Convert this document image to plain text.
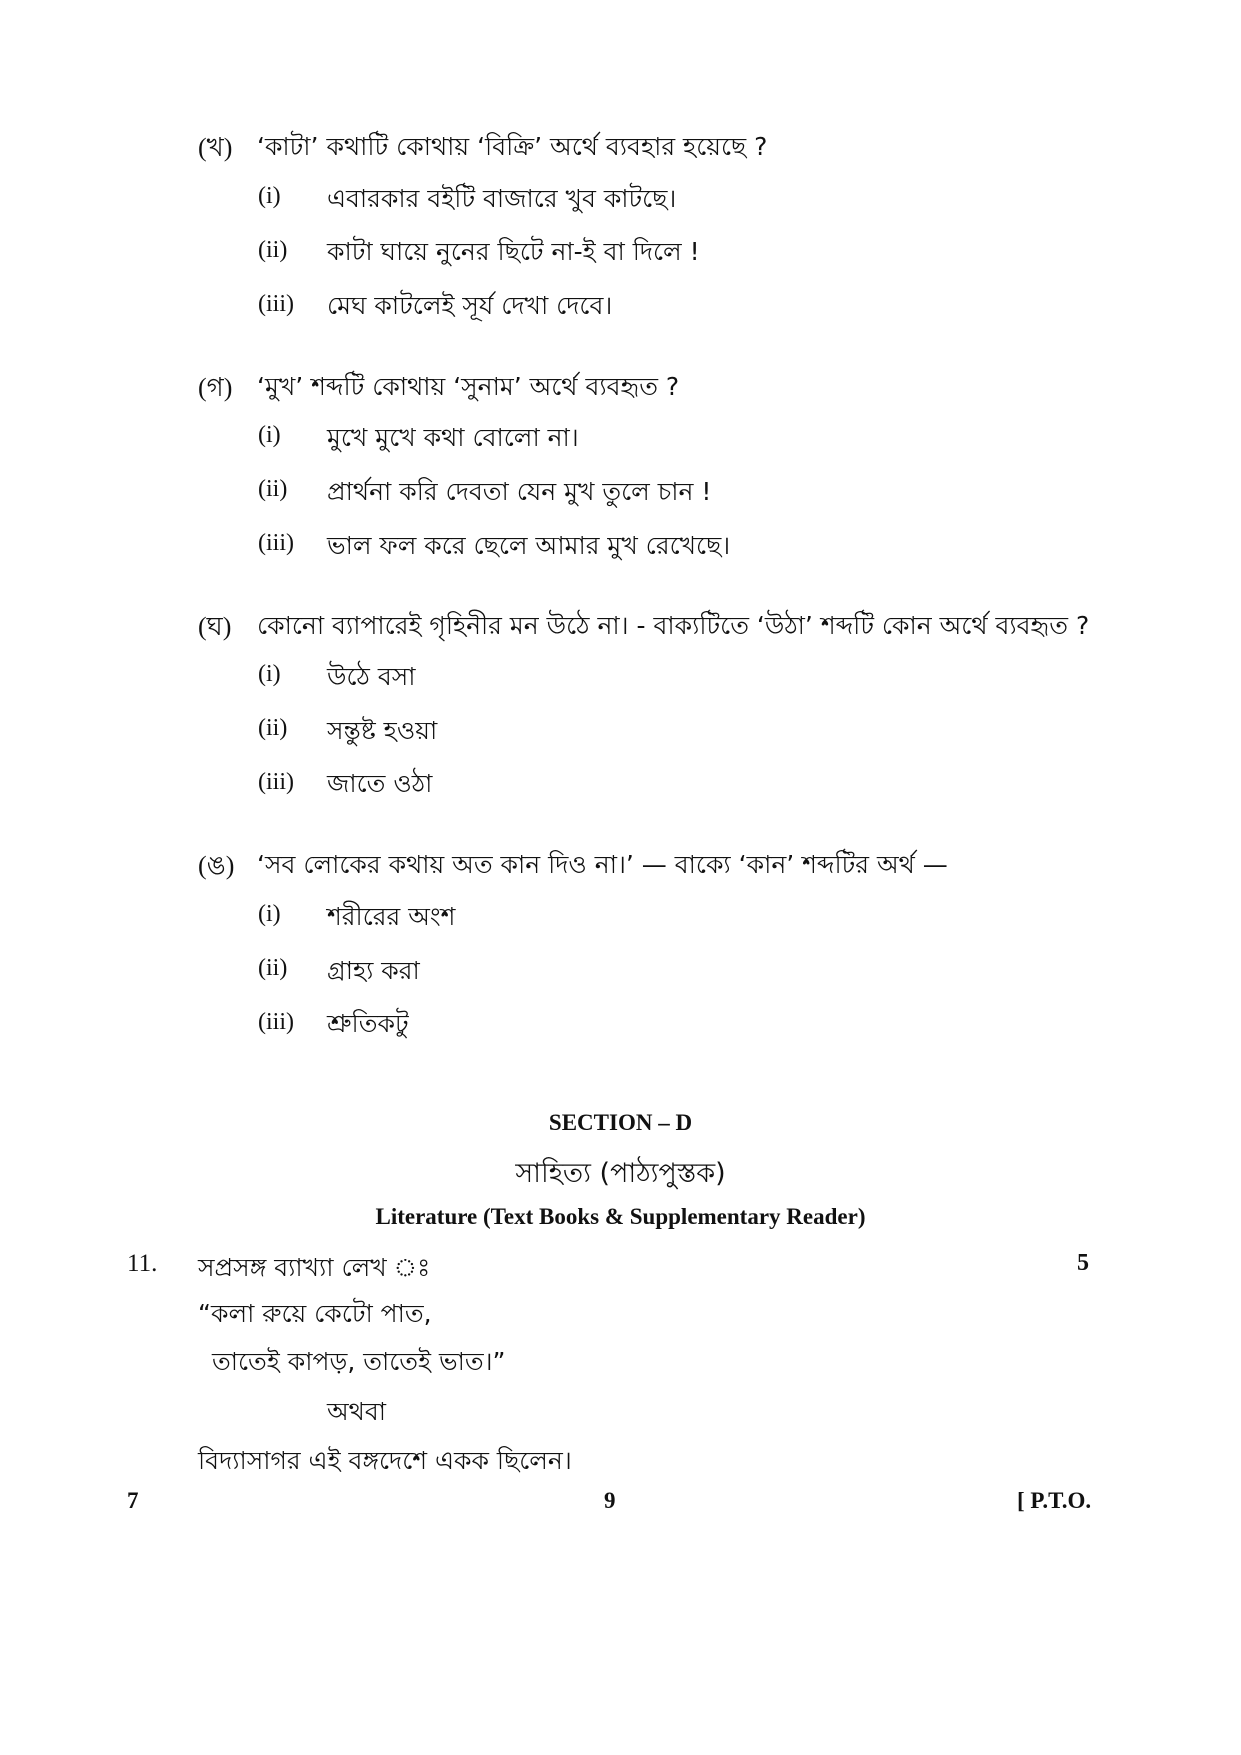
(খ) ‘কাটা’ কথাটি কোথায় ‘বিক্রি’ অর্থে ব্যবহার হয়েছে ?
(i) এবারকার বইটি বাজারে খুব কাটছে।
(ii) কাটা ঘায়ে নুনের ছিটে না-ই বা দিলে !
(iii) মেঘ কাটলেই সূর্য দেখা দেবে।
(গ) ‘মুখ’ শব্দটি কোথায় ‘সুনাম’ অর্থে ব্যবহৃত ?
(i) মুখে মুখে কথা বোলো না।
(ii) প্রার্থনা করি দেবতা যেন মুখ তুলে চান !
(iii) ভাল ফল করে ছেলে আমার মুখ রেখেছে।
(ঘ) কোনো ব্যাপারেই গৃহিনীর মন উঠে না। - বাক্যটিতে ‘উঠা’ শব্দটি কোন অর্থে ব্যবহৃত ?
(i) উঠে বসা
(ii) সন্তুষ্ট হওয়া
(iii) জাতে ওঠা
(ঙ) ‘সব লোকের কথায় অত কান দিও না।’ — বাক্যে ‘কান’ শব্দটির অর্থ —
(i) শরীরের অংশ
(ii) গ্রাহ্য করা
(iii) শ্রুতিকটু
SECTION – D
সাহিত্য (পাঠ্যপুস্তক)
Literature (Text Books & Supplementary Reader)
11. সপ্রসঙ্গ ব্যাখ্যা লেখ ঃ	5
“কলা রুয়ে কেটো পাত,
তাতেই কাপড়, তাতেই ভাত।”
অথবা
বিদ্যাসাগর এই বঙ্গদেশে একক ছিলেন।
7	9	[ P.T.O.
